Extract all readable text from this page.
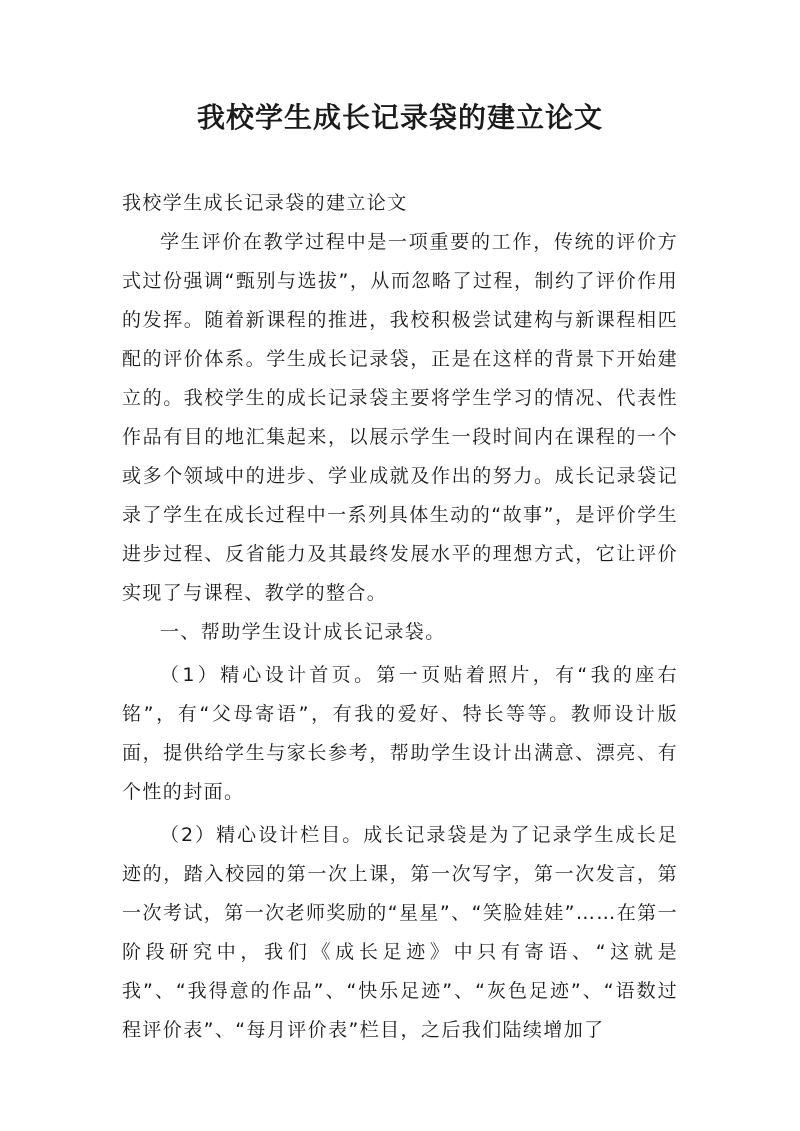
我校学生成长记录袋的建立论文

我校学生成长记录袋的建立论文

学生评价在教学过程中是一项重要的工作，传统的评价方式过份强调“甄别与选拔”，从而忽略了过程，制约了评价作用的发挥。随着新课程的推进，我校积极尝试建构与新课程相匹配的评价体系。学生成长记录袋，正是在这样的背景下开始建立的。我校学生的成长记录袋主要将学生学习的情况、代表性作品有目的地汇集起来，以展示学生一段时间内在课程的一个或多个领域中的进步、学业成就及作出的努力。成长记录袋记录了学生在成长过程中一系列具体生动的“故事”，是评价学生进步过程、反省能力及其最终发展水平的理想方式，它让评价实现了与课程、教学的整合。

一、帮助学生设计成长记录袋。

（1）精心设计首页。第一页贴着照片，有“我的座右铭”，有“父母寄语”，有我的爱好、特长等等。教师设计版面，提供给学生与家长参考，帮助学生设计出满意、漂亮、有个性的封面。

（2）精心设计栏目。成长记录袋是为了记录学生成长足迹的，踏入校园的第一次上课，第一次写字，第一次发言，第一次考试，第一次老师奖励的“星星”、“笑脸娃娃”……在第一阶段研究中，我们《成长足迹》中只有寄语、“这就是我”、“我得意的作品”、“快乐足迹”、“灰色足迹”、“语数过程评价表”、“每月评价表”栏目，之后我们陆续增加了
